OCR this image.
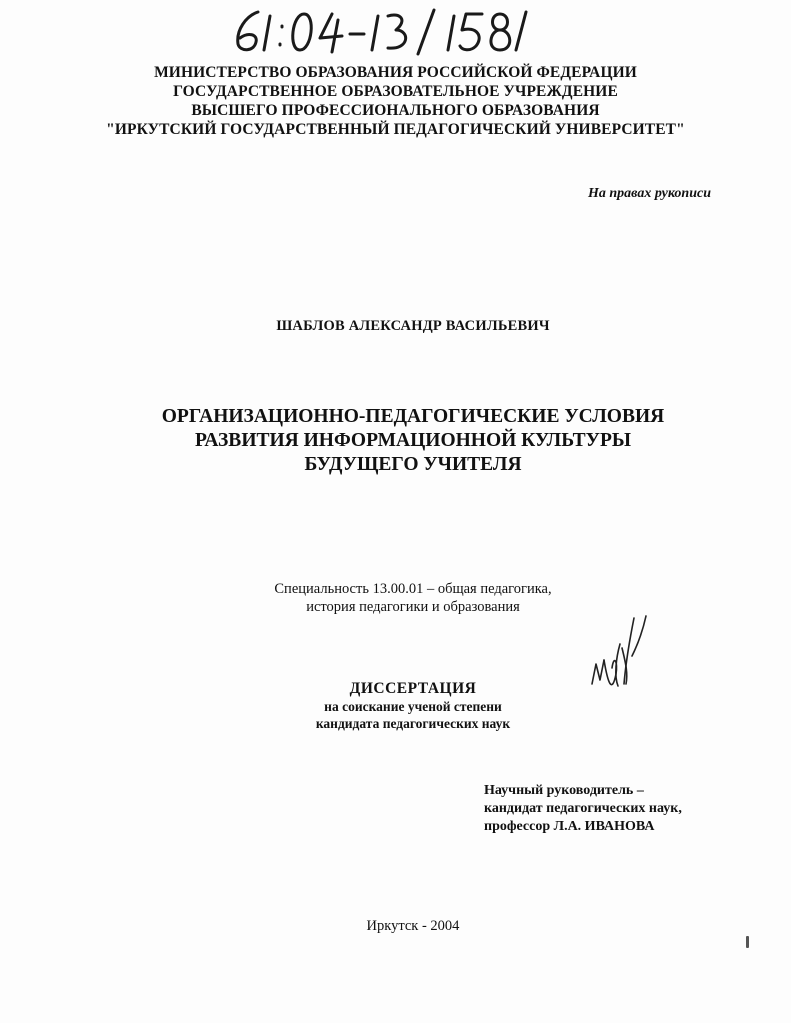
МИНИСТЕРСТВО ОБРАЗОВАНИЯ РОССИЙСКОЙ ФЕДЕРАЦИИ
ГОСУДАРСТВЕННОЕ ОБРАЗОВАТЕЛЬНОЕ УЧРЕЖДЕНИЕ
ВЫСШЕГО ПРОФЕССИОНАЛЬНОГО ОБРАЗОВАНИЯ
"ИРКУТСКИЙ ГОСУДАРСТВЕННЫЙ ПЕДАГОГИЧЕСКИЙ УНИВЕРСИТЕТ"
На правах рукописи
ШАБЛОВ АЛЕКСАНДР ВАСИЛЬЕВИЧ
ОРГАНИЗАЦИОННО-ПЕДАГОГИЧЕСКИЕ УСЛОВИЯ
РАЗВИТИЯ ИНФОРМАЦИОННОЙ КУЛЬТУРЫ
БУДУЩЕГО УЧИТЕЛЯ
Специальность 13.00.01 – общая педагогика,
история педагогики и образования
ДИССЕРТАЦИЯ
на соискание ученой степени
кандидата педагогических наук
Научный руководитель –
кандидат педагогических наук,
профессор Л.А. ИВАНОВА
Иркутск - 2004
